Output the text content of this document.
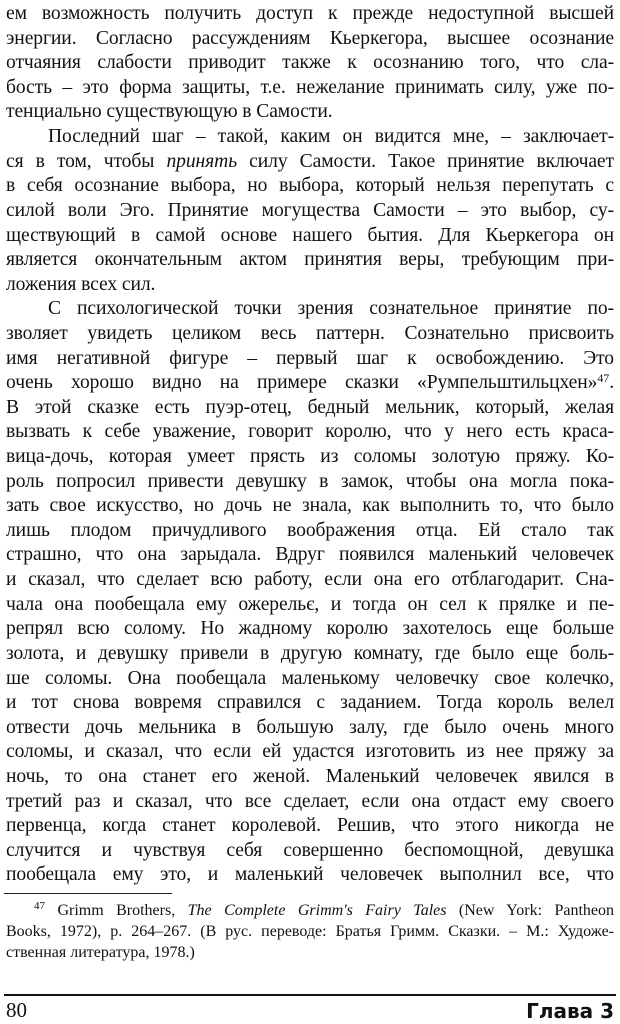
ем возможность получить доступ к прежде недоступной высшей
энергии. Согласно рассуждениям Кьеркегора, высшее осознание
отчаяния слабости приводит также к осознанию того, что сла-
бость – это форма защиты, т.е. нежелание принимать силу, уже по-
тенциально существующую в Самости.
Последний шаг – такой, каким он видится мне, – заключает-
ся в том, чтобы принять силу Самости. Такое принятие включает
в себя осознание выбора, но выбора, который нельзя перепутать с
силой воли Эго. Принятие могущества Самости – это выбор, су-
ществующий в самой основе нашего бытия. Для Кьеркегора он
является окончательным актом принятия веры, требующим при-
ложения всех сил.
С психологической точки зрения сознательное принятие по-
зволяет увидеть целиком весь паттерн. Сознательно присвоить
имя негативной фигуре – первый шаг к освобождению. Это
очень хорошо видно на примере сказки «Румпельштильцхен»$^{47}$.
В этой сказке есть пуэр-отец, бедный мельник, который, желая
вызвать к себе уважение, говорит королю, что у него есть краса-
вица-дочь, которая умеет прясть из соломы золотую пряжу. Ко-
роль попросил привести девушку в замок, чтобы она могла пока-
зать свое искусство, но дочь не знала, как выполнить то, что было
лишь плодом причудливого воображения отца. Ей стало так
страшно, что она зарыдала. Вдруг появился маленький человечек
и сказал, что сделает всю работу, если она его отблагодарит. Сна-
чала она пообещала ему ожерельє, и тогда он сел к прялке и пе-
репрял всю солому. Но жадному королю захотелось еще больше
золота, и девушку привели в другую комнату, где было еще боль-
ше соломы. Она пообещала маленькому человечку свое колечко,
и тот снова вовремя справился с заданием. Тогда король велел
отвести дочь мельника в большую залу, где было очень много
соломы, и сказал, что если ей удастся изготовить из нее пряжу за
ночь, то она станет его женой. Маленький человечек явился в
третий раз и сказал, что все сделает, если она отдаст ему своего
первенца, когда станет королевой. Решив, что этого никогда не
случится и чувствуя себя совершенно беспомощной, девушка
пообещала ему это, и маленький человечек выполнил все, что
$^{47}$ Grimm Brothers, The Complete Grimm's Fairy Tales (New York: Pantheon
Books, 1972), p. 264–267. (В рус. переводе: Братья Гримм. Сказки. – М.: Художе-
ственная литература, 1978.)
80	Глава 3
